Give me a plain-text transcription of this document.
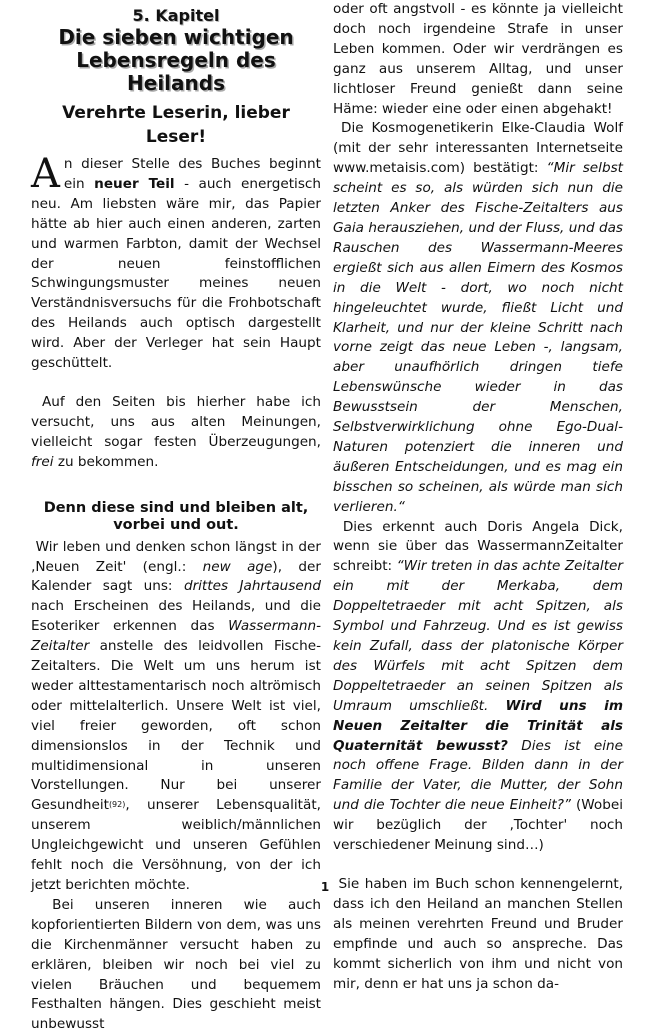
5. Kapitel
Die sieben wichtigen
Lebensregeln des
Heilands
Verehrte Leserin, lieber Leser!

An dieser Stelle des Buches beginnt ein neuer Teil - auch energetisch neu. Am liebsten wäre mir, das Papier hätte ab hier auch einen anderen, zarten und warmen Farbton, damit der Wechsel der neuen feinstofflichen Schwingungsmuster meines neuen Verständnisversuchs für die Frohbotschaft des Heilands auch optisch dargestellt wird. Aber der Verleger hat sein Haupt geschüttelt.

Auf den Seiten bis hierher habe ich versucht, uns aus alten Meinungen, vielleicht sogar festen Überzeugungen, frei zu bekommen.

Denn diese sind und bleiben alt,
vorbei und out.

Wir leben und denken schon längst in der ‚Neuen Zeit' (engl.: new age), der Kalender sagt uns: drittes Jahrtausend nach Erscheinen des Heilands, und die Esoteriker erkennen das Wassermann-Zeitalter anstelle des leidvollen Fische-Zeitalters. Die Welt um uns herum ist weder alttestamentarisch noch altrömisch oder mittelalterlich. Unsere Welt ist viel, viel freier geworden, oft schon dimensionslos in der Technik und multidimensional in unseren Vorstellungen. Nur bei unserer Gesundheit$^{(92)}$, unserer Lebensqualität, unserem weiblich/männlichen Ungleichgewicht und unseren Gefühlen fehlt noch die Versöhnung, von der ich jetzt berichten möchte.

Bei unseren inneren wie auch kopforientierten Bildern von dem, was uns die Kirchenmänner versucht haben zu erklären, bleiben wir noch bei viel zu vielen Bräuchen und bequemem Festhalten hängen. Dies geschieht meist unbewusst

oder oft angstvoll - es könnte ja vielleicht doch noch irgendeine Strafe in unser Leben kommen. Oder wir verdrängen es ganz aus unserem Alltag, und unser lichtloser Freund genießt dann seine Häme: wieder eine oder einen abgehakt!

Die Kosmogenetikerin Elke-Claudia Wolf (mit der sehr interessanten Internetseite www.metaisis.com) bestätigt: “Mir selbst scheint es so, als würden sich nun die letzten Anker des Fische-Zeitalters aus Gaia herausziehen, und der Fluss, und das Rauschen des Wassermann-Meeres ergießt sich aus allen Eimern des Kosmos in die Welt - dort, wo noch nicht hingeleuchtet wurde, fließt Licht und Klarheit, und nur der kleine Schritt nach vorne zeigt das neue Leben -, langsam, aber unaufhörlich dringen tiefe Lebenswünsche wieder in das Bewusstsein der Menschen, Selbstverwirklichung ohne Ego-Dual-Naturen potenziert die inneren und äußeren Entscheidungen, und es mag ein bisschen so scheinen, als würde man sich verlieren.“

Dies erkennt auch Doris Angela Dick, wenn sie über das WassermannZeitalter schreibt: “Wir treten in das achte Zeitalter ein mit der Merkaba, dem Doppeltetraeder mit acht Spitzen, als Symbol und Fahrzeug. Und es ist gewiss kein Zufall, dass der platonische Körper des Würfels mit acht Spitzen dem Doppeltetraeder an seinen Spitzen als Umraum umschließt. Wird uns im Neuen Zeitalter die Trinität als Quaternität bewusst? Dies ist eine noch offene Frage. Bilden dann in der Familie der Vater, die Mutter, der Sohn und die Tochter die neue Einheit?” (Wobei wir bezüglich der ‚Tochter' noch verschiedener Meinung sind…)

Sie haben im Buch schon kennengelernt, dass ich den Heiland an manchen Stellen als meinen verehrten Freund und Bruder empfinde und auch so anspreche. Das kommt sicherlich von ihm und nicht von mir, denn er hat uns ja schon da-

1
